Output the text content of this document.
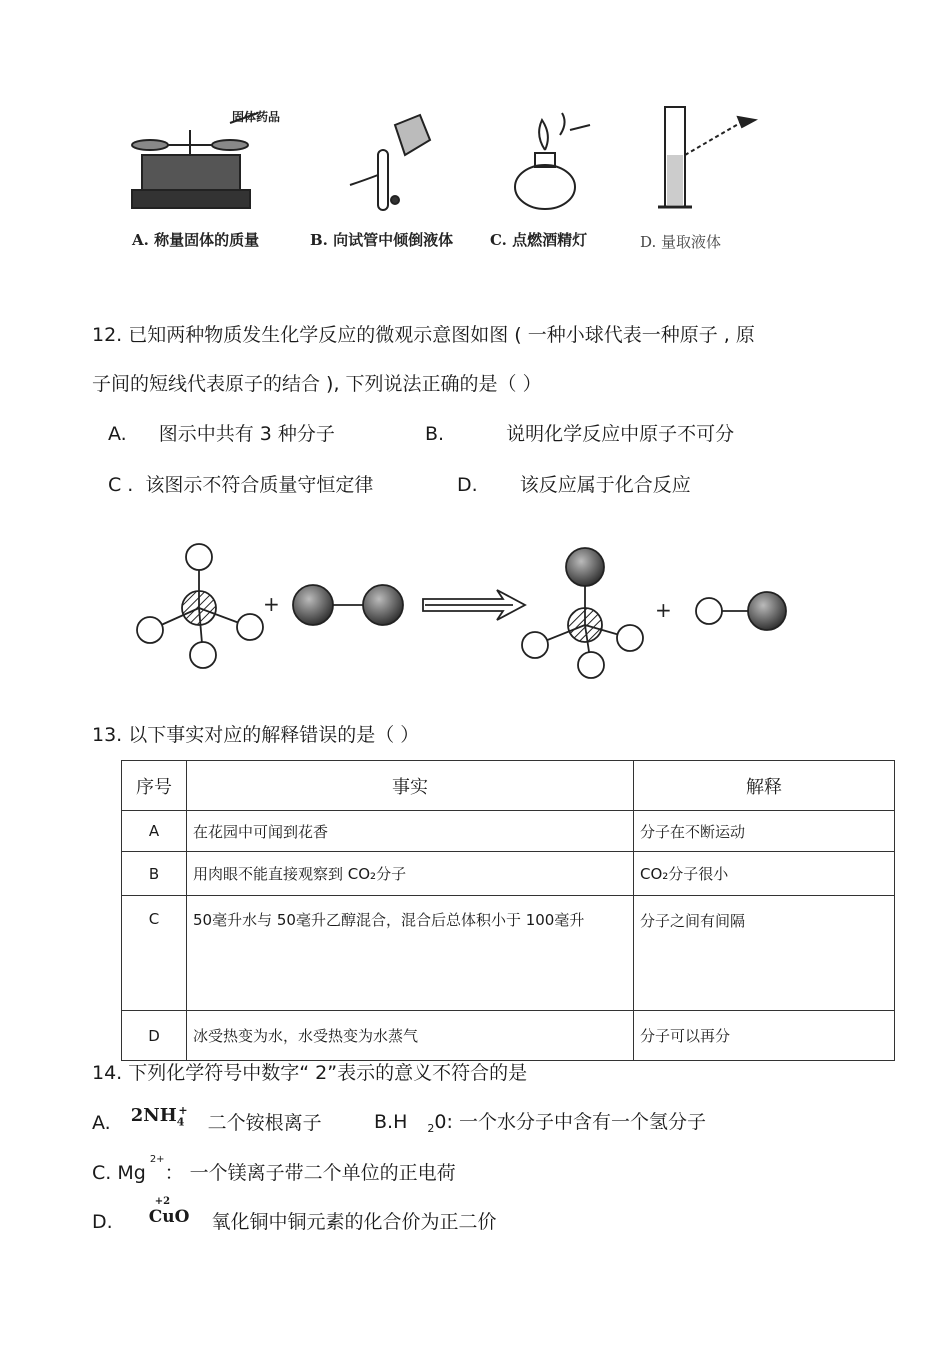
固体药品
A. 称量固体的质量	B. 向试管中倾倒液体 C. 点燃酒精灯	D. 量取液体
12. 已知两种物质发生化学反应的微观示意图如图 ( 一种小球代表一种原子 , 原
子间的短线代表原子的结合 ), 下列说法正确的是（ ）
A. 图示中共有 3 种分子	B.	说明化学反应中原子不可分
C . 该图示不符合质量守恒定律	D. 该反应属于化合反应
+	+
13. 以下事实对应的解释错误的是（ ）
序号	事实	解释
A	在花园中可闻到花香	分子在不断运动
B	用肉眼不能直接观察到 CO₂分子	CO₂分子很小
C	50毫升水与 50毫升乙醇混合，混合后总体积小于 100毫升	分子之间有间隔
D	冰受热变为水，水受热变为水蒸气	分子可以再分
14. 下列化学符号中数字“ 2”表示的意义不符合的是
A. $2NH_4^+$ 二个铵根离子	B.H $_2$0: 一个水分子中含有一个氢分子
C. $Mg^{2+}$： 一个镁离子带二个单位的正电荷
D.
+2
CuO 氧化铜中铜元素的化合价为正二价
